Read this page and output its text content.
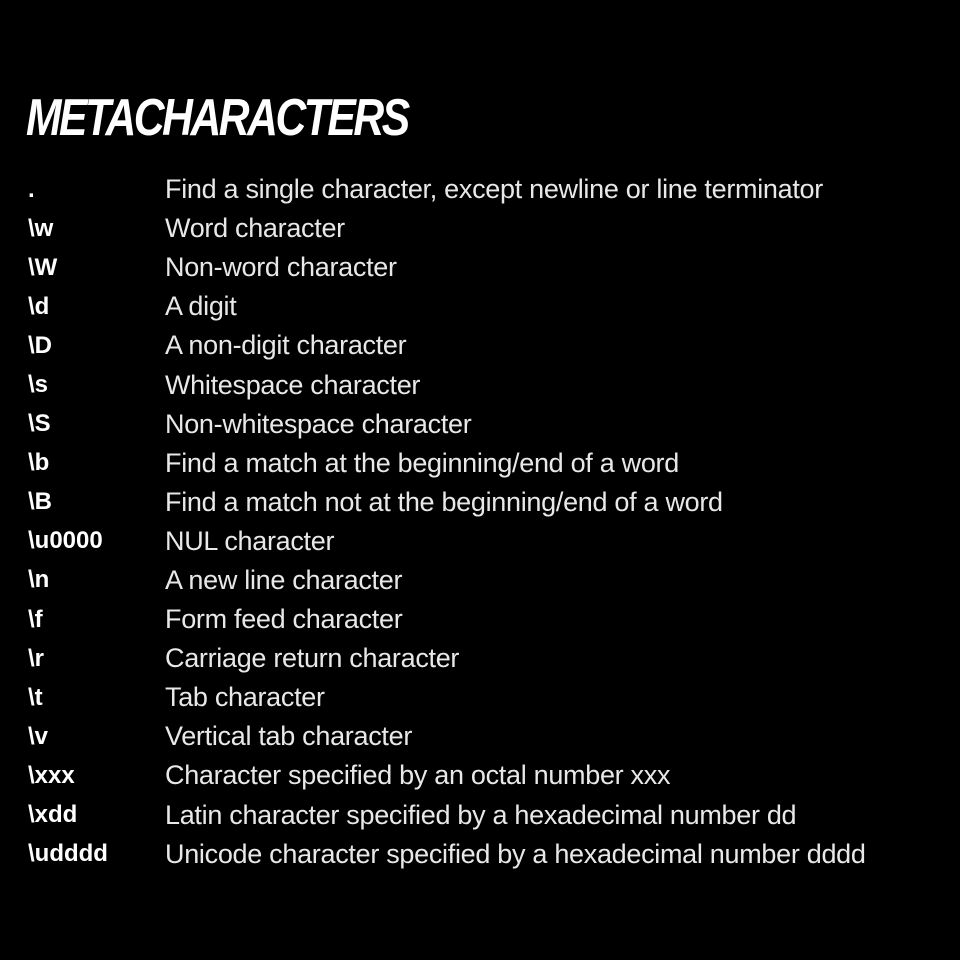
METACHARACTERS
.	Find a single character, except newline or line terminator
\w	Word character
\W	Non-word character
\d	A digit
\D	A non-digit character
\s	Whitespace character
\S	Non-whitespace character
\b	Find a match at the beginning/end of a word
\B	Find a match not at the beginning/end of a word
\u0000	NUL character
\n	A new line character
\f	Form feed character
\r	Carriage return character
\t	Tab character
\v	Vertical tab character
\xxx	Character specified by an octal number xxx
\xdd	Latin character specified by a hexadecimal number dd
\udddd	Unicode character specified by a hexadecimal number dddd
